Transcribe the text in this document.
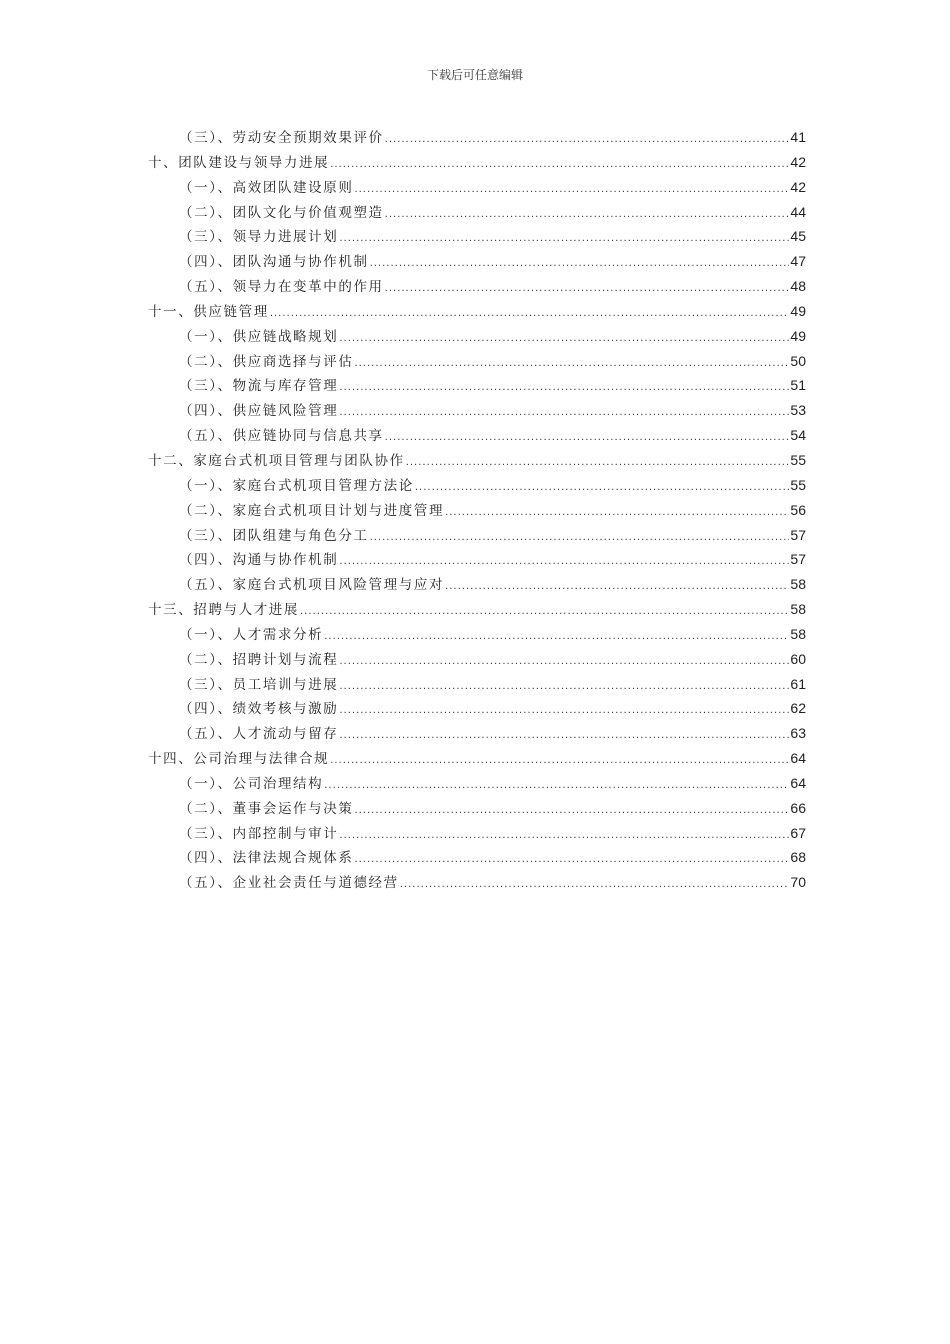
下载后可任意编辑
（三）、劳动安全预期效果评价 .....	41
十、团队建设与领导力进展 .....	42
（一）、高效团队建设原则 .....	42
（二）、团队文化与价值观塑造 .....	44
（三）、领导力进展计划 .....	45
（四）、团队沟通与协作机制 .....	47
（五）、领导力在变革中的作用 .....	48
十一、供应链管理 .....	49
（一）、供应链战略规划 .....	49
（二）、供应商选择与评估 .....	50
（三）、物流与库存管理 .....	51
（四）、供应链风险管理 .....	53
（五）、供应链协同与信息共享 .....	54
十二、家庭台式机项目管理与团队协作 .....	55
（一）、家庭台式机项目管理方法论 .....	55
（二）、家庭台式机项目计划与进度管理 .....	56
（三）、团队组建与角色分工 .....	57
（四）、沟通与协作机制 .....	57
（五）、家庭台式机项目风险管理与应对 .....	58
十三、招聘与人才进展 .....	58
（一）、人才需求分析 .....	58
（二）、招聘计划与流程 .....	60
（三）、员工培训与进展 .....	61
（四）、绩效考核与激励 .....	62
（五）、人才流动与留存 .....	63
十四、公司治理与法律合规 .....	64
（一）、公司治理结构 .....	64
（二）、董事会运作与决策 .....	66
（三）、内部控制与审计 .....	67
（四）、法律法规合规体系 .....	68
（五）、企业社会责任与道德经营 .....	70
